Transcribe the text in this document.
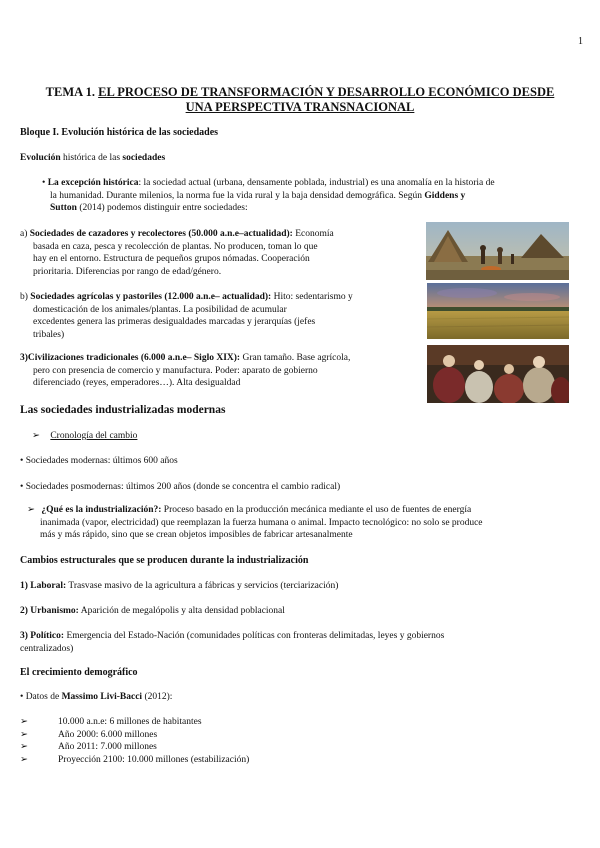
1
TEMA 1. EL PROCESO DE TRANSFORMACIÓN Y DESARROLLO ECONÓMICO DESDE
UNA PERSPECTIVA TRANSNACIONAL
Bloque I. Evolución histórica de las sociedades
Evolución histórica de las sociedades
• La excepción histórica: la sociedad actual (urbana, densamente poblada, industrial) es una anomalía en la historia de
la humanidad. Durante milenios, la norma fue la vida rural y la baja densidad demográfica. Según Giddens y
Sutton (2014) podemos distinguir entre sociedades:
a) Sociedades de cazadores y recolectores (50.000 a.n.e–actualidad): Economía
basada en caza, pesca y recolección de plantas. No producen, toman lo que
hay en el entorno. Estructura de pequeños grupos nómadas. Cooperación
prioritaria. Diferencias por rango de edad/género.
b) Sociedades agrícolas y pastoriles (12.000 a.n.e– actualidad): Hito: sedentarismo y
domesticación de los animales/plantas. La posibilidad de acumular
excedentes genera las primeras desigualdades marcadas y jerarquías (jefes
tribales)
3)Civilizaciones tradicionales (6.000 a.n.e– Siglo XIX): Gran tamaño. Base agrícola,
pero con presencia de comercio y manufactura. Poder: aparato de gobierno
diferenciado (reyes, emperadores…). Alta desigualdad
Las sociedades industrializadas modernas
➢ Cronología del cambio
• Sociedades modernas: últimos 600 años
• Sociedades posmodernas: últimos 200 años (donde se concentra el cambio radical)
➢ ¿Qué es la industrialización?: Proceso basado en la producción mecánica mediante el uso de fuentes de energía
inanimada (vapor, electricidad) que reemplazan la fuerza humana o animal. Impacto tecnológico: no solo se produce
más y más rápido, sino que se crean objetos imposibles de fabricar artesanalmente
Cambios estructurales que se producen durante la industrialización
1) Laboral: Trasvase masivo de la agricultura a fábricas y servicios (terciarización)
2) Urbanismo: Aparición de megalópolis y alta densidad poblacional
3) Político: Emergencia del Estado-Nación (comunidades políticas con fronteras delimitadas, leyes y gobiernos
centralizados)
El crecimiento demográfico
• Datos de Massimo Livi-Bacci (2012):
➢	10.000 a.n.e: 6 millones de habitantes
➢	Año 2000: 6.000 millones
➢	Año 2011: 7.000 millones
➢	Proyección 2100: 10.000 millones (estabilización)
